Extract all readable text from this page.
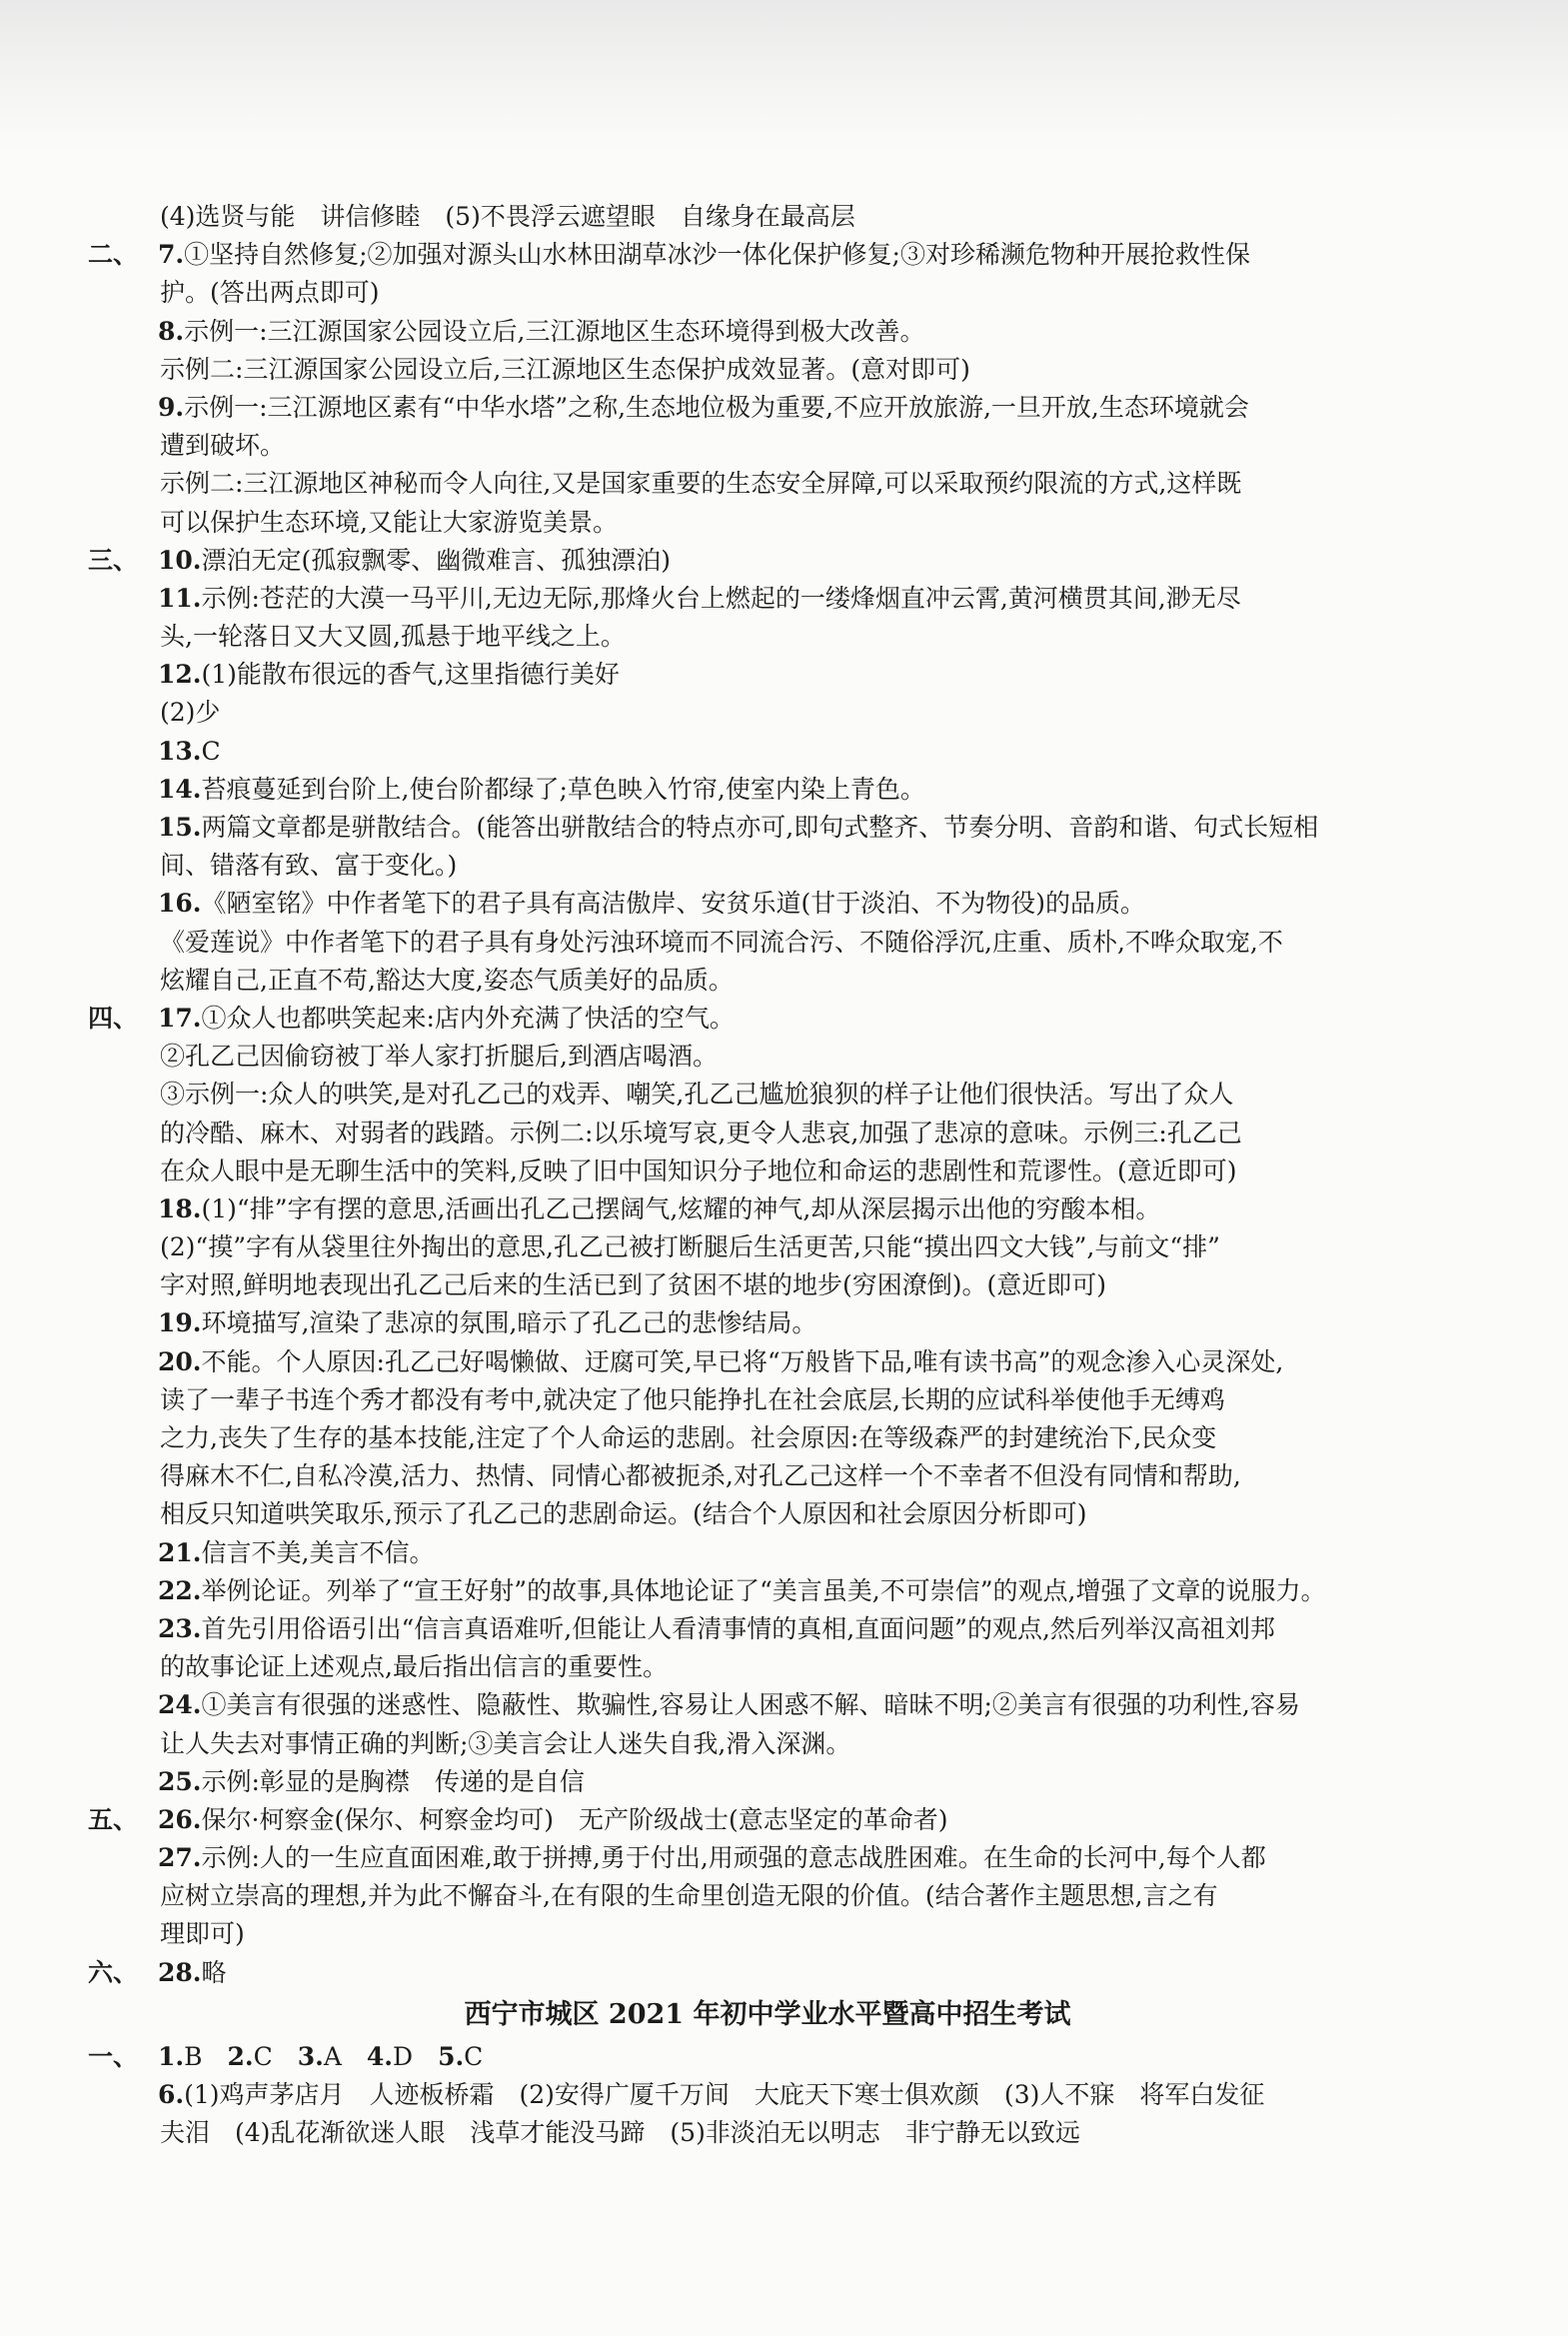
(4)选贤与能　讲信修睦　(5)不畏浮云遮望眼　自缘身在最高层
二、 7.①坚持自然修复;②加强对源头山水林田湖草冰沙一体化保护修复;③对珍稀濒危物种开展抢救性保
护。(答出两点即可)
8.示例一:三江源国家公园设立后,三江源地区生态环境得到极大改善。
示例二:三江源国家公园设立后,三江源地区生态保护成效显著。(意对即可)
9.示例一:三江源地区素有“中华水塔”之称,生态地位极为重要,不应开放旅游,一旦开放,生态环境就会
遭到破坏。
示例二:三江源地区神秘而令人向往,又是国家重要的生态安全屏障,可以采取预约限流的方式,这样既
可以保护生态环境,又能让大家游览美景。
三、 10.漂泊无定(孤寂飘零、幽微难言、孤独漂泊)
11.示例:苍茫的大漠一马平川,无边无际,那烽火台上燃起的一缕烽烟直冲云霄,黄河横贯其间,渺无尽
头,一轮落日又大又圆,孤悬于地平线之上。
12.(1)能散布很远的香气,这里指德行美好
(2)少
13.C
14.苔痕蔓延到台阶上,使台阶都绿了;草色映入竹帘,使室内染上青色。
15.两篇文章都是骈散结合。(能答出骈散结合的特点亦可,即句式整齐、节奏分明、音韵和谐、句式长短相
间、错落有致、富于变化。)
16.《陋室铭》中作者笔下的君子具有高洁傲岸、安贫乐道(甘于淡泊、不为物役)的品质。
《爱莲说》中作者笔下的君子具有身处污浊环境而不同流合污、不随俗浮沉,庄重、质朴,不哗众取宠,不
炫耀自己,正直不苟,豁达大度,姿态气质美好的品质。
四、 17.①众人也都哄笑起来:店内外充满了快活的空气。
②孔乙己因偷窃被丁举人家打折腿后,到酒店喝酒。
③示例一:众人的哄笑,是对孔乙己的戏弄、嘲笑,孔乙己尴尬狼狈的样子让他们很快活。写出了众人
的冷酷、麻木、对弱者的践踏。示例二:以乐境写哀,更令人悲哀,加强了悲凉的意味。示例三:孔乙己
在众人眼中是无聊生活中的笑料,反映了旧中国知识分子地位和命运的悲剧性和荒谬性。(意近即可)
18.(1)“排”字有摆的意思,活画出孔乙己摆阔气,炫耀的神气,却从深层揭示出他的穷酸本相。
(2)“摸”字有从袋里往外掏出的意思,孔乙己被打断腿后生活更苦,只能“摸出四文大钱”,与前文“排”
字对照,鲜明地表现出孔乙己后来的生活已到了贫困不堪的地步(穷困潦倒)。(意近即可)
19.环境描写,渲染了悲凉的氛围,暗示了孔乙己的悲惨结局。
20.不能。个人原因:孔乙己好喝懒做、迂腐可笑,早已将“万般皆下品,唯有读书高”的观念渗入心灵深处,
读了一辈子书连个秀才都没有考中,就决定了他只能挣扎在社会底层,长期的应试科举使他手无缚鸡
之力,丧失了生存的基本技能,注定了个人命运的悲剧。社会原因:在等级森严的封建统治下,民众变
得麻木不仁,自私冷漠,活力、热情、同情心都被扼杀,对孔乙己这样一个不幸者不但没有同情和帮助,
相反只知道哄笑取乐,预示了孔乙己的悲剧命运。(结合个人原因和社会原因分析即可)
21.信言不美,美言不信。
22.举例论证。列举了“宣王好射”的故事,具体地论证了“美言虽美,不可崇信”的观点,增强了文章的说服力。
23.首先引用俗语引出“信言真语难听,但能让人看清事情的真相,直面问题”的观点,然后列举汉高祖刘邦
的故事论证上述观点,最后指出信言的重要性。
24.①美言有很强的迷惑性、隐蔽性、欺骗性,容易让人困惑不解、暗昧不明;②美言有很强的功利性,容易
让人失去对事情正确的判断;③美言会让人迷失自我,滑入深渊。
25.示例:彰显的是胸襟　传递的是自信
五、 26.保尔·柯察金(保尔、柯察金均可)　无产阶级战士(意志坚定的革命者)
27.示例:人的一生应直面困难,敢于拼搏,勇于付出,用顽强的意志战胜困难。在生命的长河中,每个人都
应树立崇高的理想,并为此不懈奋斗,在有限的生命里创造无限的价值。(结合著作主题思想,言之有
理即可)
六、 28.略
西宁市城区 2021 年初中学业水平暨高中招生考试
一、 1.B　2.C　3.A　4.D　5.C
6.(1)鸡声茅店月　人迹板桥霜　(2)安得广厦千万间　大庇天下寒士俱欢颜　(3)人不寐　将军白发征
夫泪　(4)乱花渐欲迷人眼　浅草才能没马蹄　(5)非淡泊无以明志　非宁静无以致远
